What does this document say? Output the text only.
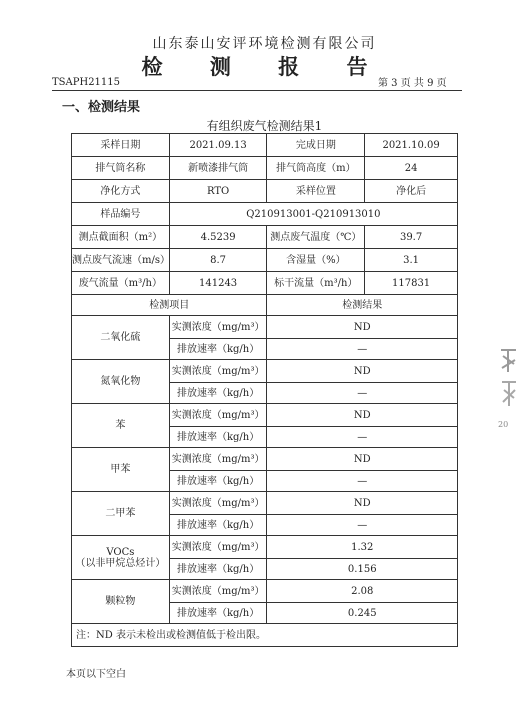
山东泰山安评环境检测有限公司
检 测 报 告
TSAPH21115	第 3 页 共 9 页
一、检测结果
有组织废气检测结果1
采样日期	2021.09.13	完成日期	2021.10.09
排气筒名称	新喷漆排气筒	排气筒高度（m）	24
净化方式	RTO	采样位置	净化后
样品编号	Q210913001-Q210913010		
测点截面积（m²）	4.5239	测点废气温度（℃）	39.7
测点废气流速（m/s）	8.7	含湿量（%）	3.1
废气流量（m³/h）	141243	标干流量（m³/h）	117831
检测项目		检测结果	
二氧化硫	实测浓度（mg/m³）	ND	
	排放速率（kg/h）	—	
氮氧化物	实测浓度（mg/m³）	ND	
	排放速率（kg/h）	—	
苯	实测浓度（mg/m³）	ND	
	排放速率（kg/h）	—	
甲苯	实测浓度（mg/m³）	ND	
	排放速率（kg/h）	—	
二甲苯	实测浓度（mg/m³）	ND	
	排放速率（kg/h）	—	

VOCs
（以非甲烷总烃计）	实测浓度（mg/m³）	1.32	
	排放速率（kg/h）	0.156	
颗粒物	实测浓度（mg/m³）	2.08	
	排放速率（kg/h）	0.245	
注：ND 表示未检出或检测值低于检出限。			
本页以下空白
20
